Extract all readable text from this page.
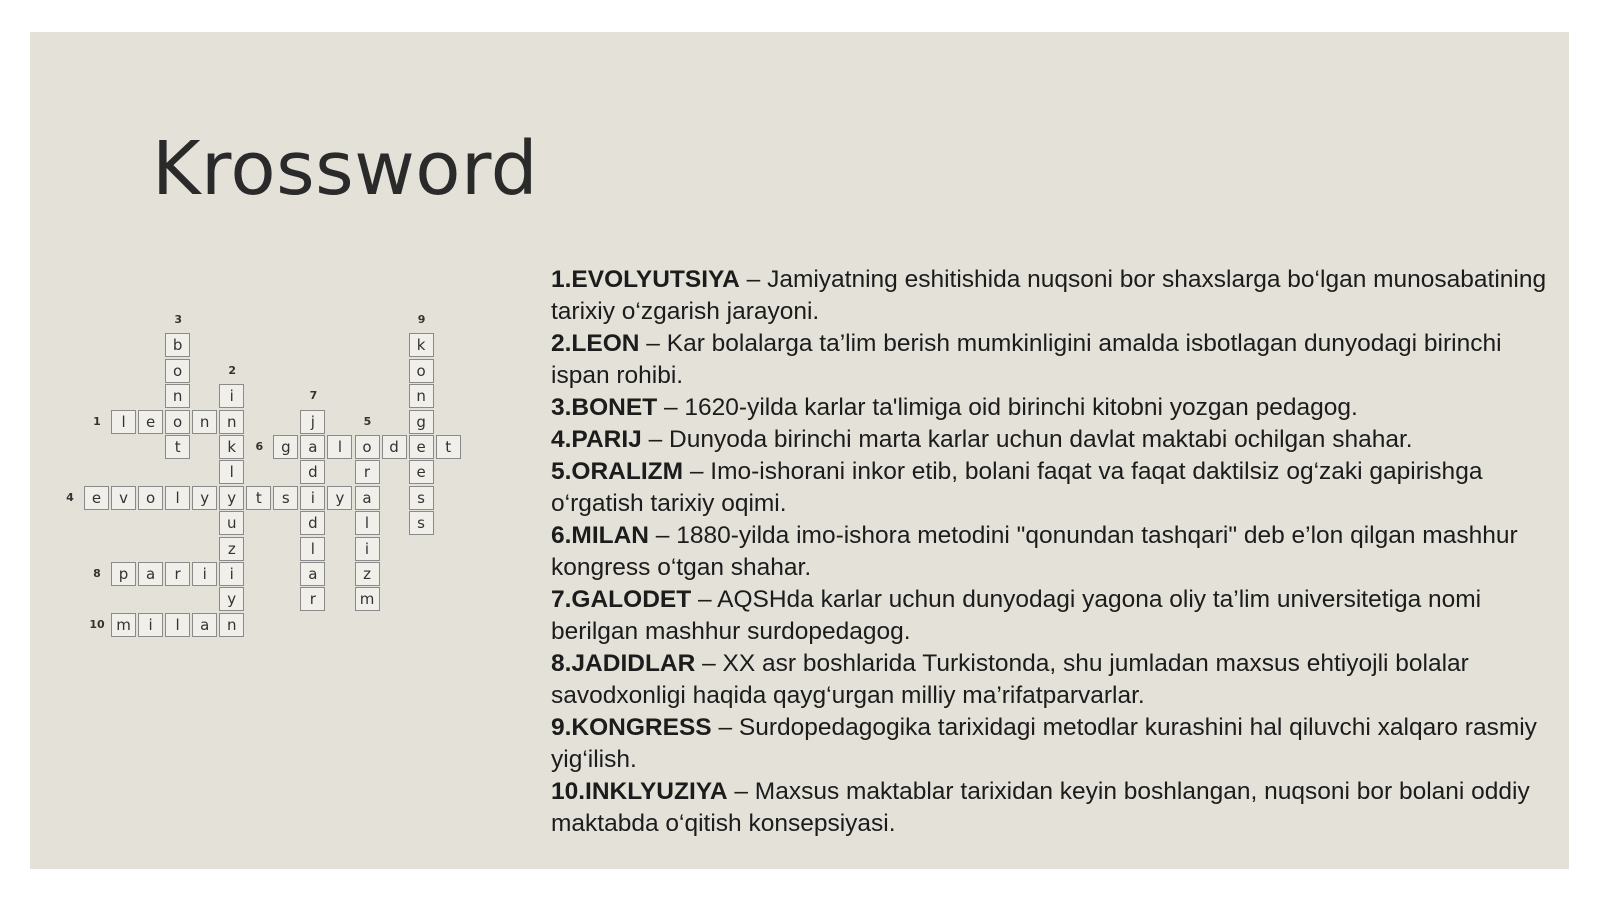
Krossword
l	e	o	n
1
i
n
k
l
y
u
z
i
y
2
b
o
n
t
3
e	v	o	l	y	t	s	i	y	a
4
o
r
l
i
z
m
5
g	a	l	d	e	t
6
j
d
d
l
a
r
7
p	a	r	i
8
k
o
n
g
e
s
s
9
m	i	l	a	n
10

1.EVOLYUTSIYA – Jamiyatning eshitishida nuqsoni bor shaxslarga bo‘lgan munosabatining tarixiy o‘zgarish jarayoni.

2.LEON – Kar bolalarga ta’lim berish mumkinligini amalda isbotlagan dunyodagi birinchi ispan rohibi.

3.BONET – 1620-yilda karlar ta'limiga oid birinchi kitobni yozgan pedagog.

4.PARIJ – Dunyoda birinchi marta karlar uchun davlat maktabi ochilgan shahar.

5.ORALIZM – Imo-ishorani inkor etib, bolani faqat va faqat daktilsiz og‘zaki gapirishga o‘rgatish tarixiy oqimi.

6.MILAN – 1880-yilda imo-ishora metodini "qonundan tashqari" deb e’lon qilgan mashhur kongress o‘tgan shahar.

7.GALODET – AQSHda karlar uchun dunyodagi yagona oliy ta’lim universitetiga nomi berilgan mashhur surdopedagog.

8.JADIDLAR – XX asr boshlarida Turkistonda, shu jumladan maxsus ehtiyojli bolalar savodxonligi haqida qayg‘urgan milliy ma’rifatparvarlar.

9.KONGRESS – Surdopedagogika tarixidagi metodlar kurashini hal qiluvchi xalqaro rasmiy yig‘ilish.

10.INKLYUZIYA – Maxsus maktablar tarixidan keyin boshlangan, nuqsoni bor bolani oddiy maktabda o‘qitish konsepsiyasi.
